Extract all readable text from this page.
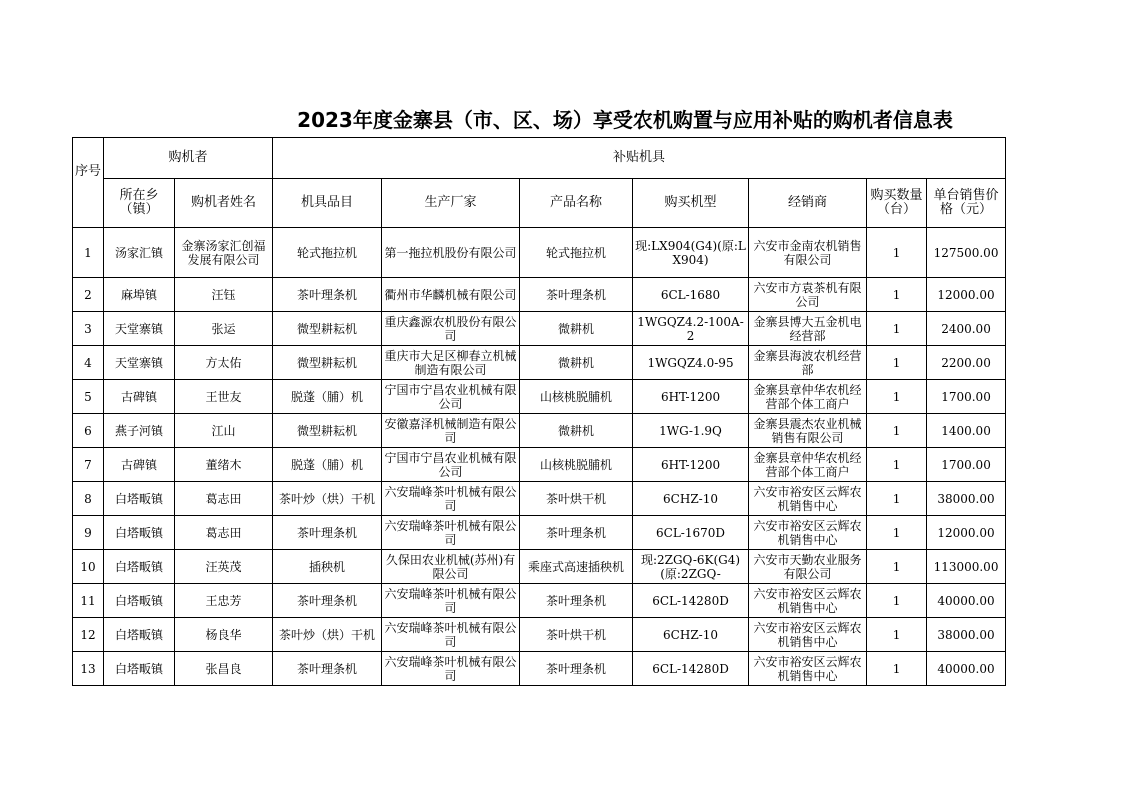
2023年度金寨县（市、区、场）享受农机购置与应用补贴的购机者信息表
序号	购机者		补贴机具						
	所在乡（镇）	购机者姓名	机具品目	生产厂家	产品名称	购买机型	经销商	购买数量（台）	单台销售价格（元）
1	汤家汇镇	金寨汤家汇创福发展有限公司	轮式拖拉机	第一拖拉机股份有限公司	轮式拖拉机	现:LX904(G4)(原:LX904)	六安市金南农机销售有限公司	1	127500.00
2	麻埠镇	汪钰	茶叶理条机	衢州市华麟机械有限公司	茶叶理条机	6CL-1680	六安市方袁茶机有限公司	1	12000.00
3	天堂寨镇	张运	微型耕耘机	重庆鑫源农机股份有限公司	微耕机	1WGQZ4.2-100A-2	金寨县博大五金机电经营部	1	2400.00
4	天堂寨镇	方太佑	微型耕耘机	重庆市大足区柳春立机械制造有限公司	微耕机	1WGQZ4.0-95	金寨县海波农机经营部	1	2200.00
5	古碑镇	王世友	脱蓬（脯）机	宁国市宁昌农业机械有限公司	山核桃脱脯机	6HT-1200	金寨县章仲华农机经营部个体工商户	1	1700.00
6	燕子河镇	江山	微型耕耘机	安徽嘉泽机械制造有限公司	微耕机	1WG-1.9Q	金寨县震杰农业机械销售有限公司	1	1400.00
7	古碑镇	董绪木	脱蓬（脯）机	宁国市宁昌农业机械有限公司	山核桃脱脯机	6HT-1200	金寨县章仲华农机经营部个体工商户	1	1700.00
8	白塔畈镇	葛志田	茶叶炒（烘）干机	六安瑞峰茶叶机械有限公司	茶叶烘干机	6CHZ-10	六安市裕安区云辉农机销售中心	1	38000.00
9	白塔畈镇	葛志田	茶叶理条机	六安瑞峰茶叶机械有限公司	茶叶理条机	6CL-1670D	六安市裕安区云辉农机销售中心	1	12000.00
10	白塔畈镇	汪英茂	插秧机	久保田农业机械(苏州)有限公司	乘座式高速插秧机	现:2ZGQ-6K(G4)(原:2ZGQ-	六安市天勤农业服务有限公司	1	113000.00
11	白塔畈镇	王忠芳	茶叶理条机	六安瑞峰茶叶机械有限公司	茶叶理条机	6CL-14280D	六安市裕安区云辉农机销售中心	1	40000.00
12	白塔畈镇	杨良华	茶叶炒（烘）干机	六安瑞峰茶叶机械有限公司	茶叶烘干机	6CHZ-10	六安市裕安区云辉农机销售中心	1	38000.00
13	白塔畈镇	张昌良	茶叶理条机	六安瑞峰茶叶机械有限公司	茶叶理条机	6CL-14280D	六安市裕安区云辉农机销售中心	1	40000.00
